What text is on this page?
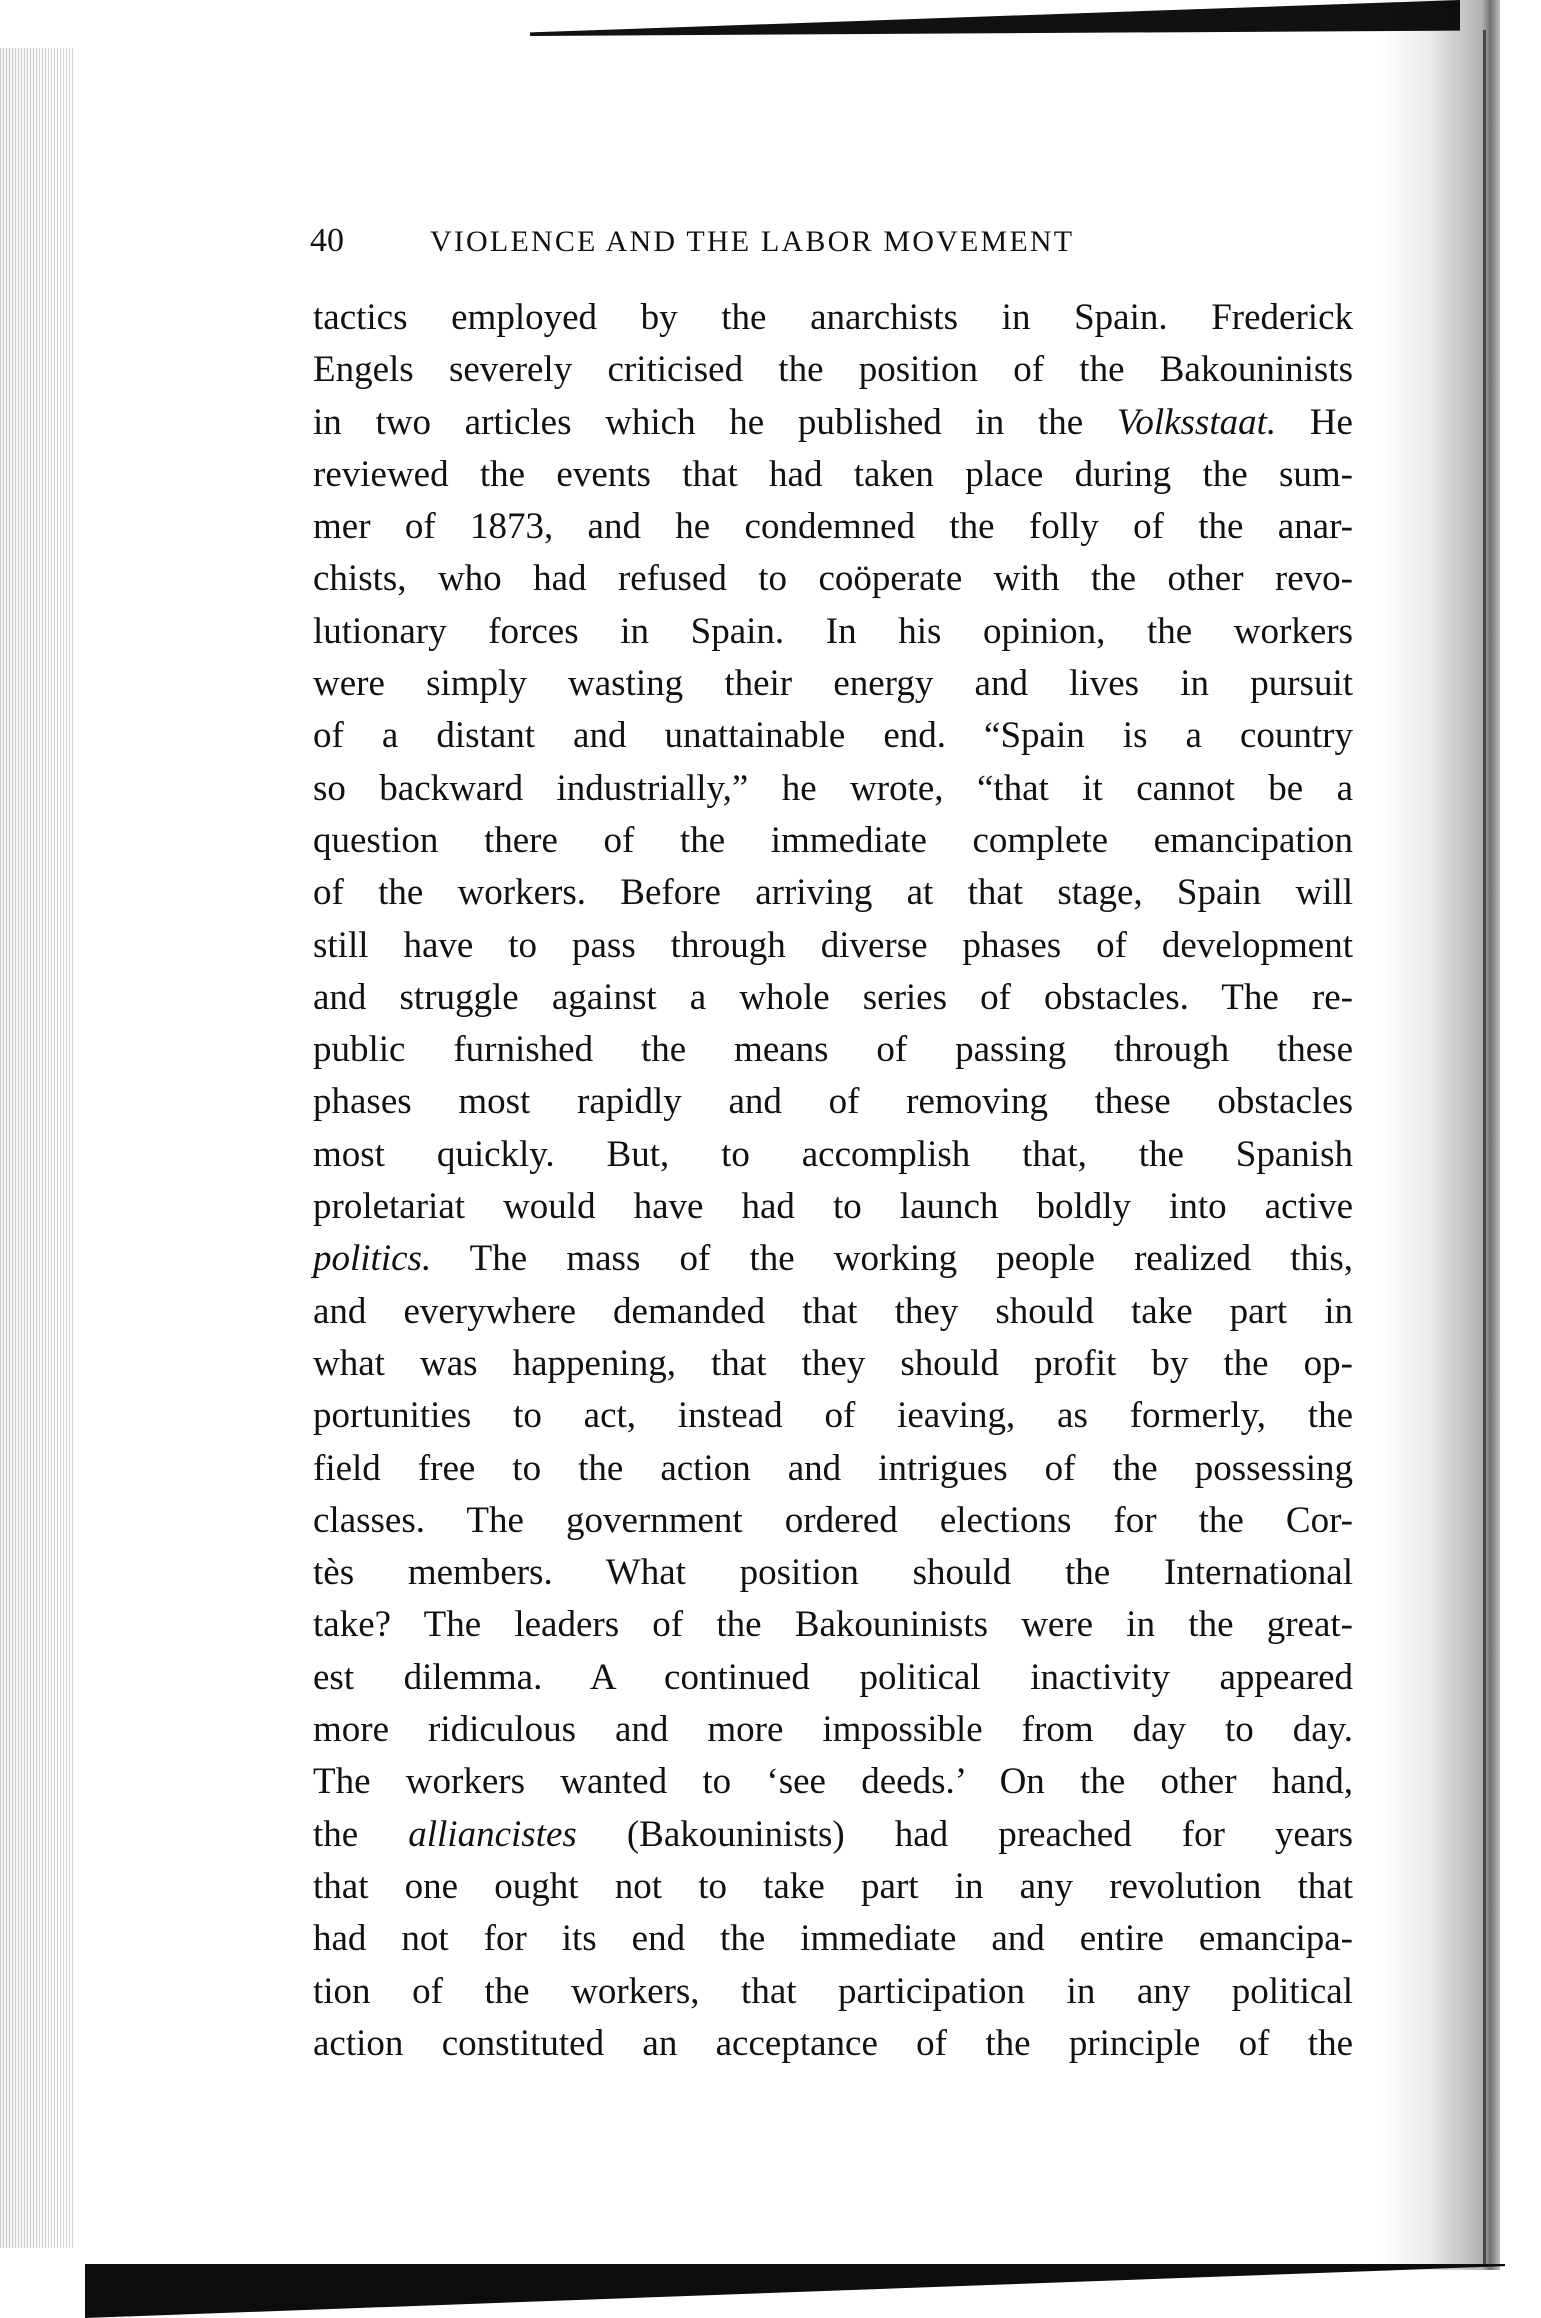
40	VIOLENCE AND THE LABOR MOVEMENT
tactics employed by the anarchists in Spain. Frederick
Engels severely criticised the position of the Bakouninists
in two articles which he published in the Volksstaat. He
reviewed the events that had taken place during the sum-
mer of 1873, and he condemned the folly of the anar-
chists, who had refused to coöperate with the other revo-
lutionary forces in Spain. In his opinion, the workers
were simply wasting their energy and lives in pursuit
of a distant and unattainable end. “Spain is a country
so backward industrially,” he wrote, “that it cannot be a
question there of the immediate complete emancipation
of the workers. Before arriving at that stage, Spain will
still have to pass through diverse phases of development
and struggle against a whole series of obstacles. The re-
public furnished the means of passing through these
phases most rapidly and of removing these obstacles
most quickly. But, to accomplish that, the Spanish
proletariat would have had to launch boldly into active
politics. The mass of the working people realized this,
and everywhere demanded that they should take part in
what was happening, that they should profit by the op-
portunities to act, instead of ieaving, as formerly, the
field free to the action and intrigues of the possessing
classes. The government ordered elections for the Cor-
tès members. What position should the International
take? The leaders of the Bakouninists were in the great-
est dilemma. A continued political inactivity appeared
more ridiculous and more impossible from day to day.
The workers wanted to ‘see deeds.’ On the other hand,
the alliancistes (Bakouninists) had preached for years
that one ought not to take part in any revolution that
had not for its end the immediate and entire emancipa-
tion of the workers, that participation in any political
action constituted an acceptance of the principle of the
